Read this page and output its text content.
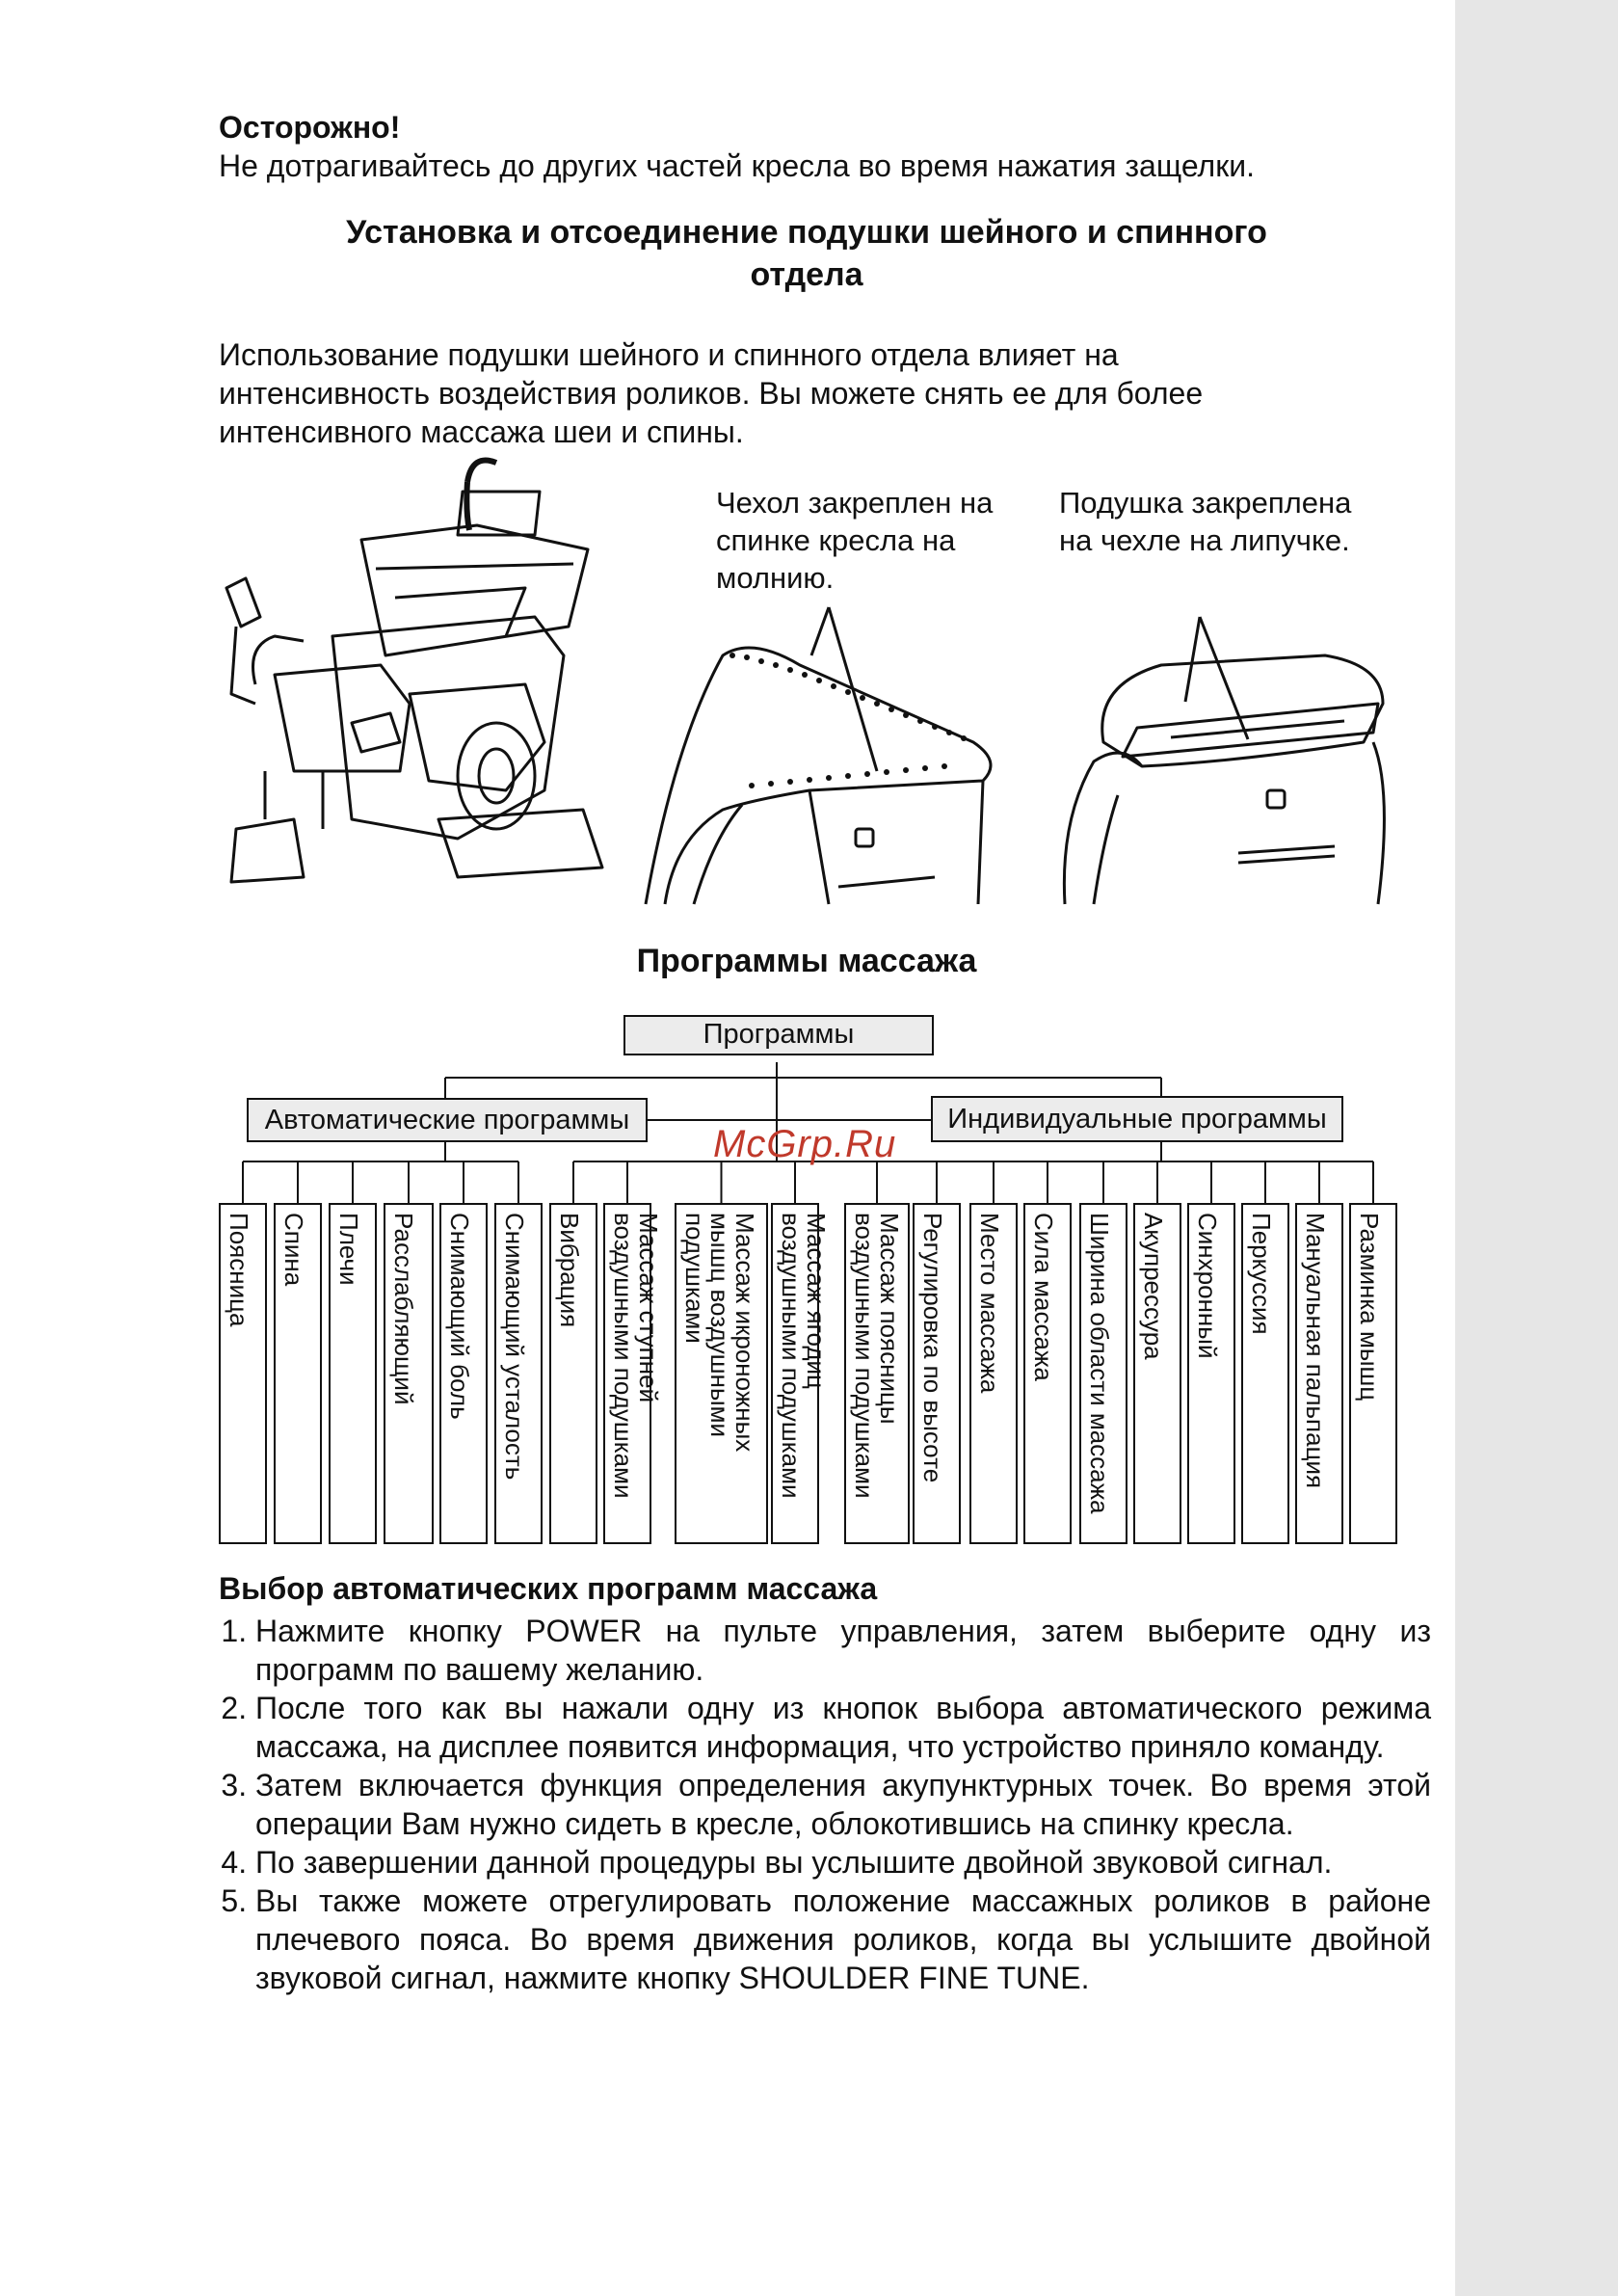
Осторожно!
Не дотрагивайтесь до других частей кресла во время нажатия защелки.
Установка и отсоединение подушки шейного и спинного
отдела
Использование подушки шейного и спинного отдела влияет на
интенсивность воздействия роликов. Вы можете снять ее для более
интенсивного массажа шеи и спины.
Чехол закреплен на
спинке кресла на
молнию.
Подушка закреплена
на чехле на липучке.
Программы массажа
Программы
Автоматические программы	Индивидуальные программы
McGrp.Ru
Поясница Спина Плечи Расслабляющий Снимающий боль Снимающий усталость Вибрация	Массаж ступней
воздушными подушками
Массаж икроножных
мышц воздушными
подушками	Массаж ягодиц
воздушными подушками
Массаж поясницы
воздушными подушками	Регулировка по высоте Место массажа Сила массажа Ширина области массажа Акупрессура Синхронный Перкуссия Мануальная пальпация Разминка мышц
Выбор автоматических программ массажа
1. Нажмите кнопку POWER на пульте управления, затем выберите одну из программ по вашему желанию.
2. После того как вы нажали одну из кнопок выбора автоматического режима массажа, на дисплее появится информация, что устройство приняло команду.
3. Затем включается функция определения акупунктурных точек. Во время этой операции Вам нужно сидеть в кресле, облокотившись на спинку кресла.
4. По завершении данной процедуры вы услышите двойной звуковой сигнал.
5. Вы также можете отрегулировать положение массажных роликов в районе плечевого пояса. Во время движения роликов, когда вы услышите двойной звуковой сигнал, нажмите кнопку SHOULDER FINE TUNE.
